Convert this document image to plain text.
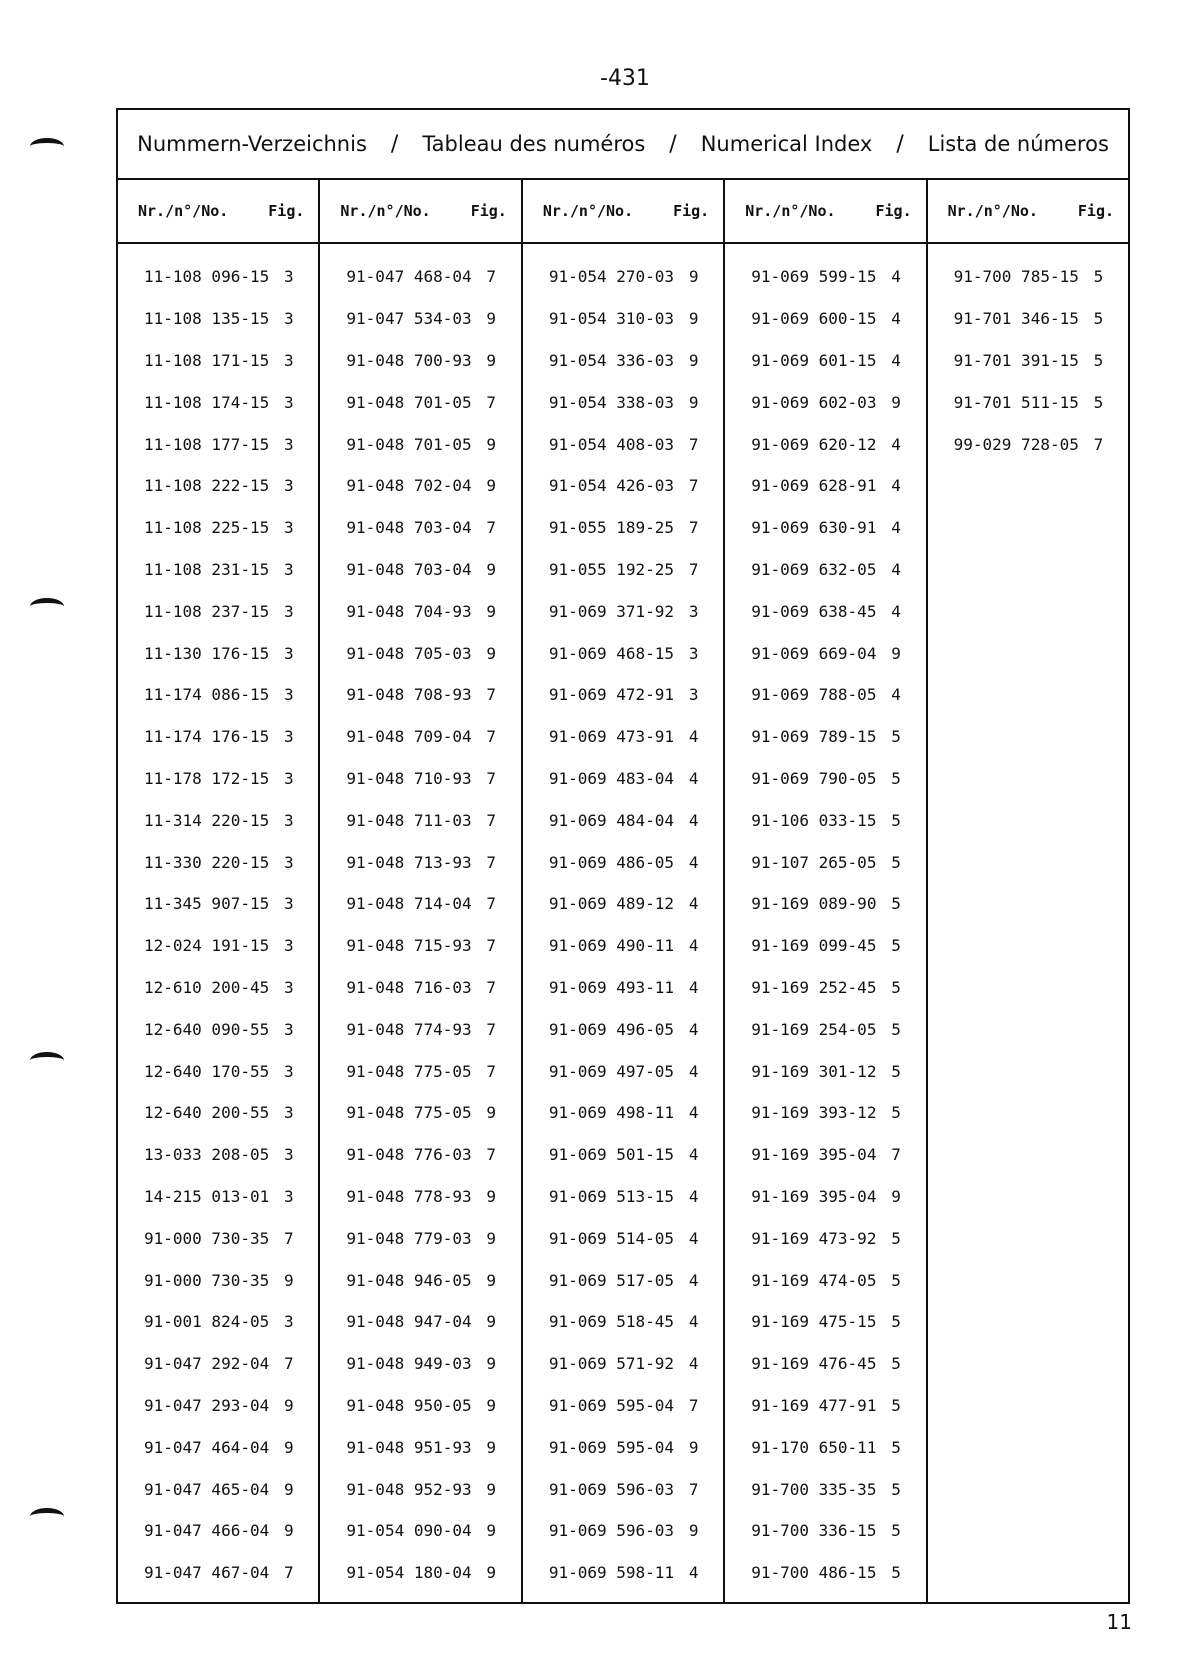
-431
Nummern-Verzeichnis / Tableau des numéros / Numerical Index / Lista de números
Nr./n°/No.	Fig.
11-108 096-15 3
11-108 135-15 3
11-108 171-15 3
11-108 174-15 3
11-108 177-15 3
11-108 222-15 3
11-108 225-15 3
11-108 231-15 3
11-108 237-15 3
11-130 176-15 3
11-174 086-15 3
11-174 176-15 3
11-178 172-15 3
11-314 220-15 3
11-330 220-15 3
11-345 907-15 3
12-024 191-15 3
12-610 200-45 3
12-640 090-55 3
12-640 170-55 3
12-640 200-55 3
13-033 208-05 3
14-215 013-01 3
91-000 730-35 7
91-000 730-35 9
91-001 824-05 3
91-047 292-04 7
91-047 293-04 9
91-047 464-04 9
91-047 465-04 9
91-047 466-04 9
91-047 467-04 7
Nr./n°/No.	Fig.
91-047 468-04 7
91-047 534-03 9
91-048 700-93 9
91-048 701-05 7
91-048 701-05 9
91-048 702-04 9
91-048 703-04 7
91-048 703-04 9
91-048 704-93 9
91-048 705-03 9
91-048 708-93 7
91-048 709-04 7
91-048 710-93 7
91-048 711-03 7
91-048 713-93 7
91-048 714-04 7
91-048 715-93 7
91-048 716-03 7
91-048 774-93 7
91-048 775-05 7
91-048 775-05 9
91-048 776-03 7
91-048 778-93 9
91-048 779-03 9
91-048 946-05 9
91-048 947-04 9
91-048 949-03 9
91-048 950-05 9
91-048 951-93 9
91-048 952-93 9
91-054 090-04 9
91-054 180-04 9
Nr./n°/No.	Fig.
91-054 270-03 9
91-054 310-03 9
91-054 336-03 9
91-054 338-03 9
91-054 408-03 7
91-054 426-03 7
91-055 189-25 7
91-055 192-25 7
91-069 371-92 3
91-069 468-15 3
91-069 472-91 3
91-069 473-91 4
91-069 483-04 4
91-069 484-04 4
91-069 486-05 4
91-069 489-12 4
91-069 490-11 4
91-069 493-11 4
91-069 496-05 4
91-069 497-05 4
91-069 498-11 4
91-069 501-15 4
91-069 513-15 4
91-069 514-05 4
91-069 517-05 4
91-069 518-45 4
91-069 571-92 4
91-069 595-04 7
91-069 595-04 9
91-069 596-03 7
91-069 596-03 9
91-069 598-11 4
Nr./n°/No.	Fig.
91-069 599-15 4
91-069 600-15 4
91-069 601-15 4
91-069 602-03 9
91-069 620-12 4
91-069 628-91 4
91-069 630-91 4
91-069 632-05 4
91-069 638-45 4
91-069 669-04 9
91-069 788-05 4
91-069 789-15 5
91-069 790-05 5
91-106 033-15 5
91-107 265-05 5
91-169 089-90 5
91-169 099-45 5
91-169 252-45 5
91-169 254-05 5
91-169 301-12 5
91-169 393-12 5
91-169 395-04 7
91-169 395-04 9
91-169 473-92 5
91-169 474-05 5
91-169 475-15 5
91-169 476-45 5
91-169 477-91 5
91-170 650-11 5
91-700 335-35 5
91-700 336-15 5
91-700 486-15 5
Nr./n°/No.	Fig.
91-700 785-15 5
91-701 346-15 5
91-701 391-15 5
91-701 511-15 5
99-029 728-05 7
11
